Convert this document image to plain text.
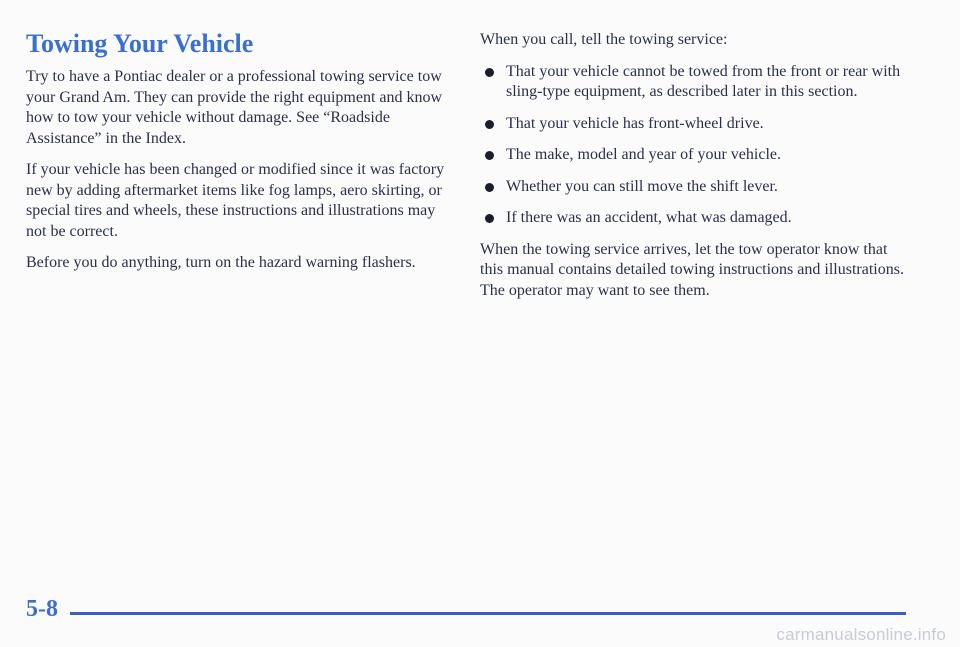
Towing Your Vehicle

Try to have a Pontiac dealer or a professional towing service tow your Grand Am. They can provide the right equipment and know how to tow your vehicle without damage. See “Roadside Assistance” in the Index.

If your vehicle has been changed or modified since it was factory new by adding aftermarket items like fog lamps, aero skirting, or special tires and wheels, these instructions and illustrations may not be correct.

Before you do anything, turn on the hazard warning flashers.

When you call, tell the towing service:

That your vehicle cannot be towed from the front or rear with sling-type equipment, as described later in this section.
That your vehicle has front-wheel drive.
The make, model and year of your vehicle.
Whether you can still move the shift lever.
If there was an accident, what was damaged.

When the towing service arrives, let the tow operator know that this manual contains detailed towing instructions and illustrations. The operator may want to see them.

5-8
carmanualsonline.info
